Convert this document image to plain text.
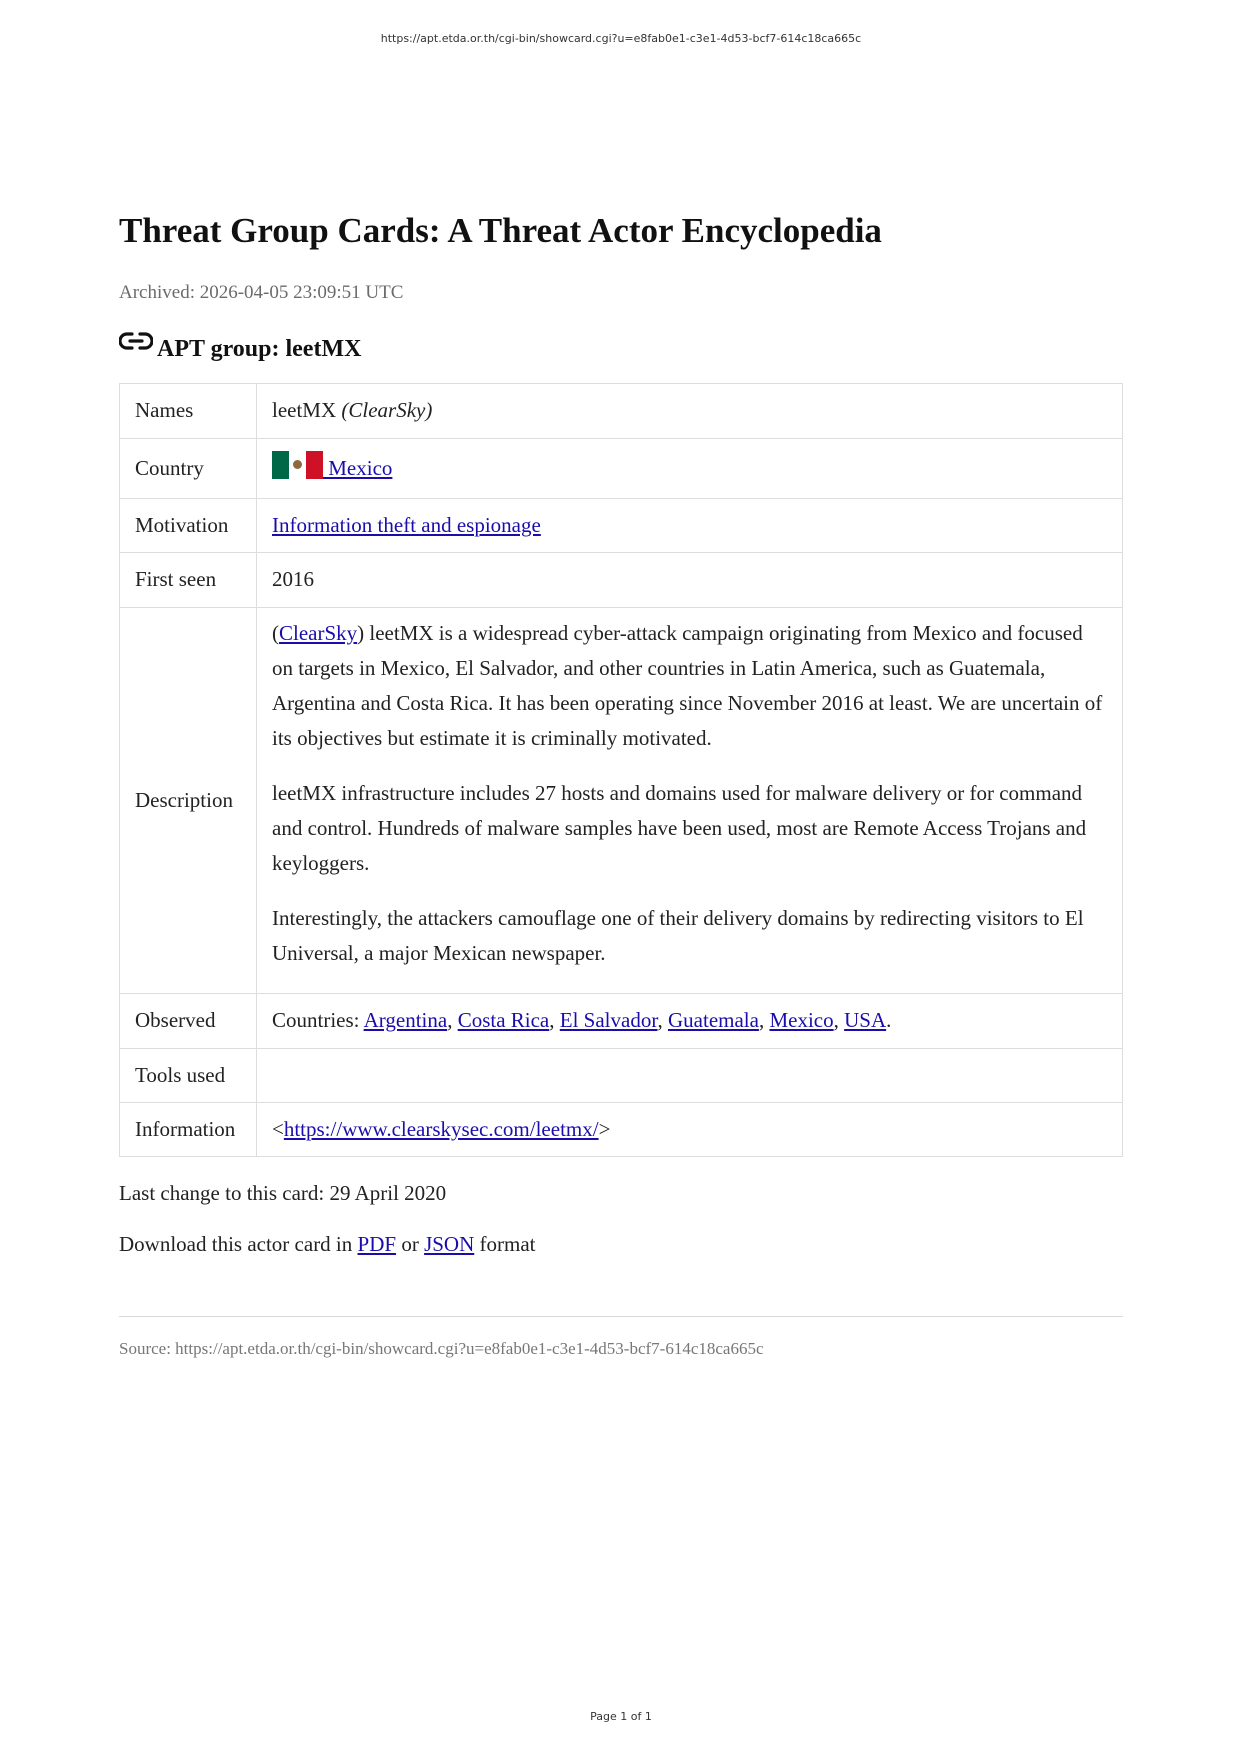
https://apt.etda.or.th/cgi-bin/showcard.cgi?u=e8fab0e1-c3e1-4d53-bcf7-614c18ca665c
Threat Group Cards: A Threat Actor Encyclopedia
Archived: 2026-04-05 23:09:51 UTC
APT group: leetMX
Names	leetMX (ClearSky)
Country	Mexico
Motivation	Information theft and espionage
First seen	2016
Description	(ClearSky) leetMX is a widespread cyber-attack campaign originating from Mexico and focused on targets in Mexico, El Salvador, and other countries in Latin America, such as Guatemala, Argentina and Costa Rica. It has been operating since November 2016 at least. We are uncertain of its objectives but estimate it is criminally motivated.

leetMX infrastructure includes 27 hosts and domains used for malware delivery or for command and control. Hundreds of malware samples have been used, most are Remote Access Trojans and keyloggers.

Interestingly, the attackers camouflage one of their delivery domains by redirecting visitors to El Universal, a major Mexican newspaper.

Observed	Countries: Argentina, Costa Rica, El Salvador, Guatemala, Mexico, USA.
Tools used	
Information	<https://www.clearskysec.com/leetmx/>
Last change to this card: 29 April 2020
Download this actor card in PDF or JSON format
Source: https://apt.etda.or.th/cgi-bin/showcard.cgi?u=e8fab0e1-c3e1-4d53-bcf7-614c18ca665c
Page 1 of 1
